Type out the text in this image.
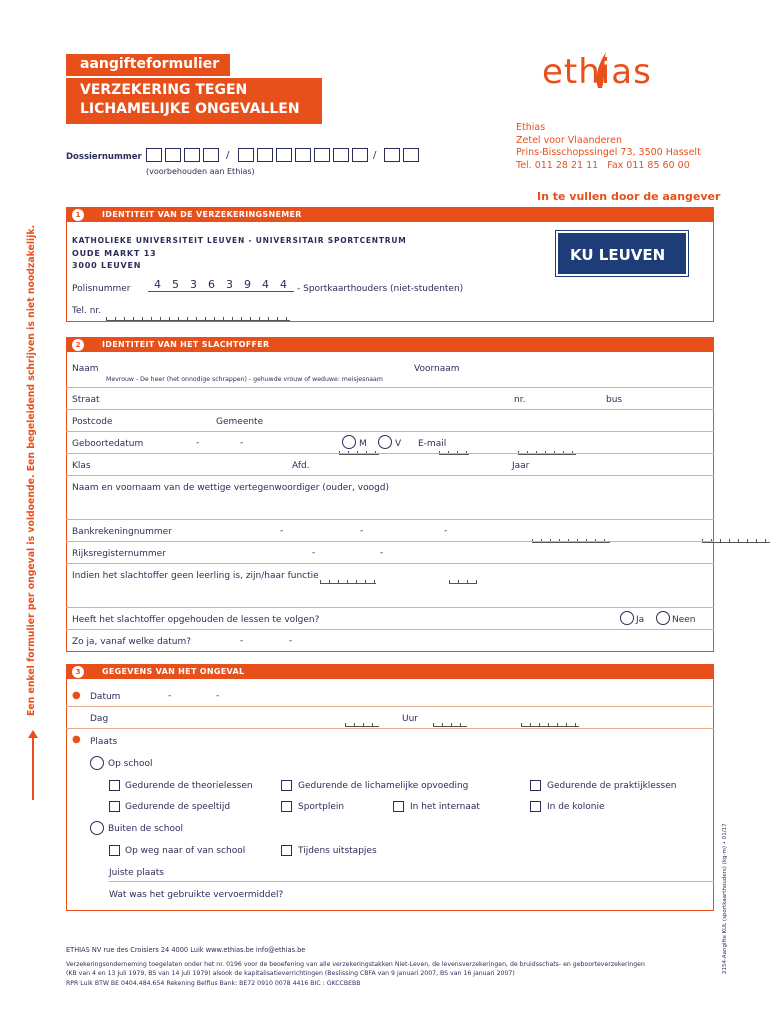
aangifteformulier
VERZEKERING TEGEN
LICHAMELIJKE ONGEVALLEN
ethias
Ethias
Zetel voor Vlaanderen
Prins-Bisschopssingel 73, 3500 Hasselt
Tel. 011 28 21 11   Fax 011 85 60 00
Dossiernummer	/	/
(voorbehouden aan Ethias)
In te vullen door de aangever
Een enkel formulier per ongeval is voldoende. Een begeleidend schrijven is niet noodzakelijk.
2154-Aangifte KUL (sportkaarthouders) (kg-m) • 01/17
1	IDENTITEIT VAN DE VERZEKERINGSNEMER
KATHOLIEKE UNIVERSITEIT LEUVEN - UNIVERSITAIR SPORTCENTRUM
OUDE MARKT 13
3000 LEUVEN
KU LEUVEN
Polisnummer 4 5 3 6 3 9 4 4 - Sportkaarthouders (niet-studenten)
Tel. nr.

2	IDENTITEIT VAN HET SLACHTOFFER
Naam	Voornaam
Mevrouw - De heer (het onnodige schrappen) - gehuwde vrouw of weduwe: meisjesnaam
Straat	nr.	bus
Postcode	Gemeente
Geboortedatum
	-
	-
	M	V E-mail
Klas	Afd.	Jaar
Naam en voornaam van de wettige vertegenwoordiger (ouder, voogd)
Bankrekeningnummer
	-
	-
	-

Rijksregisternummer
	-
	-

Indien het slachtoffer geen leerling is, zijn/haar functie
Heeft het slachtoffer opgehouden de lessen te volgen?	Ja	Neen
Zo ja, vanaf welke datum?
	-
	-

3	GEGEVENS VAN HET ONGEVAL
● Datum
	-
	-
Dag	Uur
● Plaats
Op school
Gedurende de theorielessen	Gedurende de lichamelijke opvoeding	Gedurende de praktijklessen
Gedurende de speeltijd	Sportplein	In het internaat	In de kolonie
Buiten de school
Op weg naar of van school	Tijdens uitstapjes
Juiste plaats
Wat was het gebruikte vervoermiddel?
ETHIAS NV rue des Croisiers 24 4000 Luik www.ethias.be info@ethias.be
Verzekeringsonderneming toegelaten onder het nr. 0196 voor de beoefening van alle verzekeringstakken Niet-Leven, de levensverzekeringen, de bruidsschats- en geboorteverzekeringen
(KB van 4 en 13 juli 1979, BS van 14 juli 1979) alsook de kapitalisatieverrichtingen (Beslissing CBFA van 9 januari 2007, BS van 16 januari 2007)
RPR Luik BTW BE 0404.484.654 Rekening Belfius Bank: BE72 0910 0078 4416 BIC : GKCCBEBB
